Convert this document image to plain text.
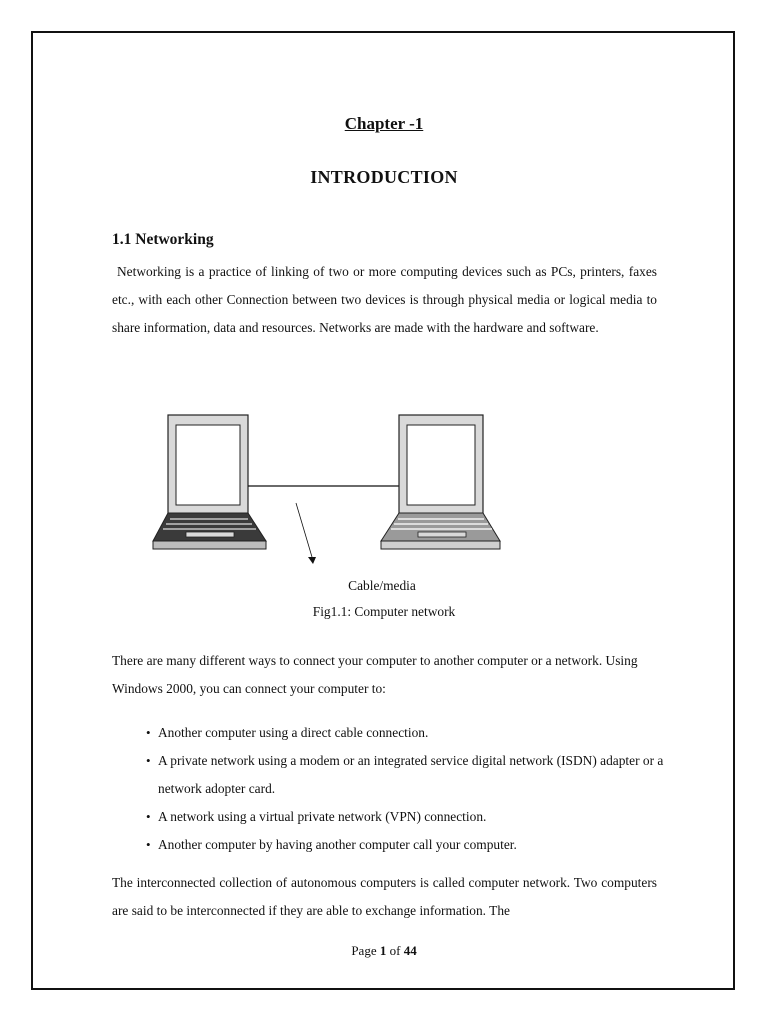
Chapter -1
INTRODUCTION
1.1 Networking

Networking is a practice of linking of two or more computing devices such as PCs, printers, faxes etc., with each other Connection between two devices is through physical media or logical media to share information, data and resources. Networks are made with the hardware and software.

Cable/media
Fig1.1: Computer network

There are many different ways to connect your computer to another computer or a network. Using Windows 2000, you can connect your computer to:

• Another computer using a direct cable connection.
• A private network using a modem or an integrated service digital network (ISDN) adapter or a network adopter card.
• A network using a virtual private network (VPN) connection.
• Another computer by having another computer call your computer.

The interconnected collection of autonomous computers is called computer network. Two computers are said to be interconnected if they are able to exchange information. The

Page 1 of 44
